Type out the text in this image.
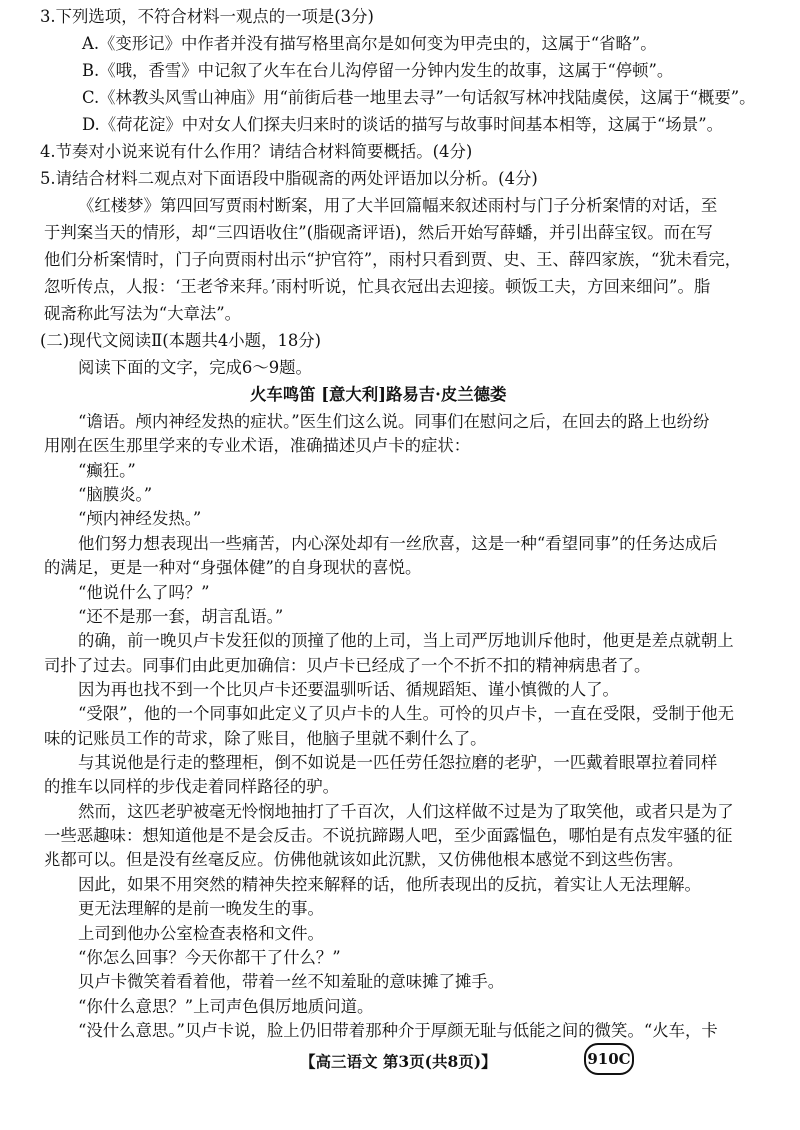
3.下列选项，不符合材料一观点的一项是(3分)
A.《变形记》中作者并没有描写格里高尔是如何变为甲壳虫的，这属于“省略”。
B.《哦，香雪》中记叙了火车在台儿沟停留一分钟内发生的故事，这属于“停顿”。
C.《林教头风雪山神庙》用“前街后巷一地里去寻”一句话叙写林冲找陆虞侯，这属于“概要”。
D.《荷花淀》中对女人们探夫归来时的谈话的描写与故事时间基本相等，这属于“场景”。
4.节奏对小说来说有什么作用？请结合材料简要概括。(4分)
5.请结合材料二观点对下面语段中脂砚斋的两处评语加以分析。(4分)
《红楼梦》第四回写贾雨村断案，用了大半回篇幅来叙述雨村与门子分析案情的对话，至
于判案当天的情形，却“三四语收住”(脂砚斋评语)，然后开始写薛蟠，并引出薛宝钗。而在写
他们分析案情时，门子向贾雨村出示“护官符”，雨村只看到贾、史、王、薛四家族，“犹未看完，
忽听传点，人报：‘王老爷来拜。’雨村听说，忙具衣冠出去迎接。顿饭工夫，方回来细问”。脂
砚斋称此写法为“大章法”。
(二)现代文阅读Ⅱ(本题共4小题，18分)
阅读下面的文字，完成6～9题。
火车鸣笛 [意大利]路易吉·皮兰德娄
【高三语文 第3页(共8页)】	910C
“谵语。颅内神经发热的症状。”医生们这么说。同事们在慰问之后，在回去的路上也纷纷
用刚在医生那里学来的专业术语，准确描述贝卢卡的症状：
“癫狂。”
“脑膜炎。”
“颅内神经发热。”
他们努力想表现出一些痛苦，内心深处却有一丝欣喜，这是一种“看望同事”的任务达成后
的满足，更是一种对“身强体健”的自身现状的喜悦。
“他说什么了吗？”
“还不是那一套，胡言乱语。”
的确，前一晚贝卢卡发狂似的顶撞了他的上司，当上司严厉地训斥他时，他更是差点就朝上
司扑了过去。同事们由此更加确信：贝卢卡已经成了一个不折不扣的精神病患者了。
因为再也找不到一个比贝卢卡还要温驯听话、循规蹈矩、谨小慎微的人了。
“受限”，他的一个同事如此定义了贝卢卡的人生。可怜的贝卢卡，一直在受限，受制于他无
味的记账员工作的苛求，除了账目，他脑子里就不剩什么了。
与其说他是行走的整理柜，倒不如说是一匹任劳任怨拉磨的老驴，一匹戴着眼罩拉着同样
的推车以同样的步伐走着同样路径的驴。
然而，这匹老驴被毫无怜悯地抽打了千百次，人们这样做不过是为了取笑他，或者只是为了
一些恶趣味：想知道他是不是会反击。不说抗蹄踢人吧，至少面露愠色，哪怕是有点发牢骚的征
兆都可以。但是没有丝毫反应。仿佛他就该如此沉默，又仿佛他根本感觉不到这些伤害。
因此，如果不用突然的精神失控来解释的话，他所表现出的反抗，着实让人无法理解。
更无法理解的是前一晚发生的事。
上司到他办公室检查表格和文件。
“你怎么回事？今天你都干了什么？”
贝卢卡微笑着看着他，带着一丝不知羞耻的意味摊了摊手。
“你什么意思？”上司声色俱厉地质问道。
“没什么意思。”贝卢卡说，脸上仍旧带着那种介于厚颜无耻与低能之间的微笑。“火车，卡
